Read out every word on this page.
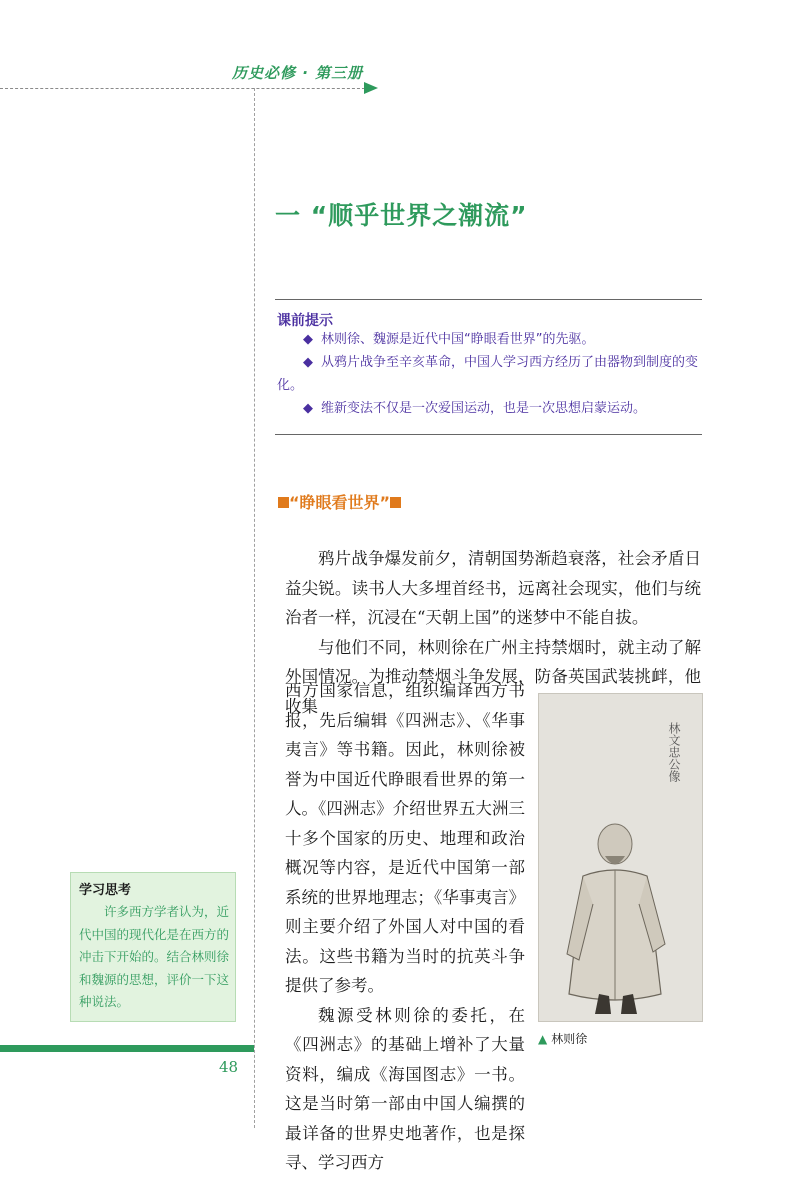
历史必修 · 第三册
一 “顺乎世界之潮流”
课前提示
◆ 林则徐、魏源是近代中国“睁眼看世界”的先驱。
◆ 从鸦片战争至辛亥革命，中国人学习西方经历了由器物到制度的变化。
◆ 维新变法不仅是一次爱国运动，也是一次思想启蒙运动。
“睁眼看世界”

鸦片战争爆发前夕，清朝国势渐趋衰落，社会矛盾日益尖锐。读书人大多埋首经书，远离社会现实，他们与统治者一样，沉浸在“天朝上国”的迷梦中不能自拔。

与他们不同，林则徐在广州主持禁烟时，就主动了解外国情况。为推动禁烟斗争发展，防备英国武装挑衅，他收集

西方国家信息，组织编译西方书报，先后编辑《四洲志》、《华事夷言》等书籍。因此，林则徐被誉为中国近代睁眼看世界的第一人。《四洲志》介绍世界五大洲三十多个国家的历史、地理和政治概况等内容，是近代中国第一部系统的世界地理志；《华事夷言》则主要介绍了外国人对中国的看法。这些书籍为当时的抗英斗争提供了参考。

魏源受林则徐的委托，在《四洲志》的基础上增补了大量资料，编成《海国图志》一书。这是当时第一部由中国人编撰的最详备的世界史地著作，也是探寻、学习西方

林文忠公像
▲ 林则徐
学习思考
许多西方学者认为，近代中国的现代化是在西方的冲击下开始的。结合林则徐和魏源的思想，评价一下这种说法。
48
